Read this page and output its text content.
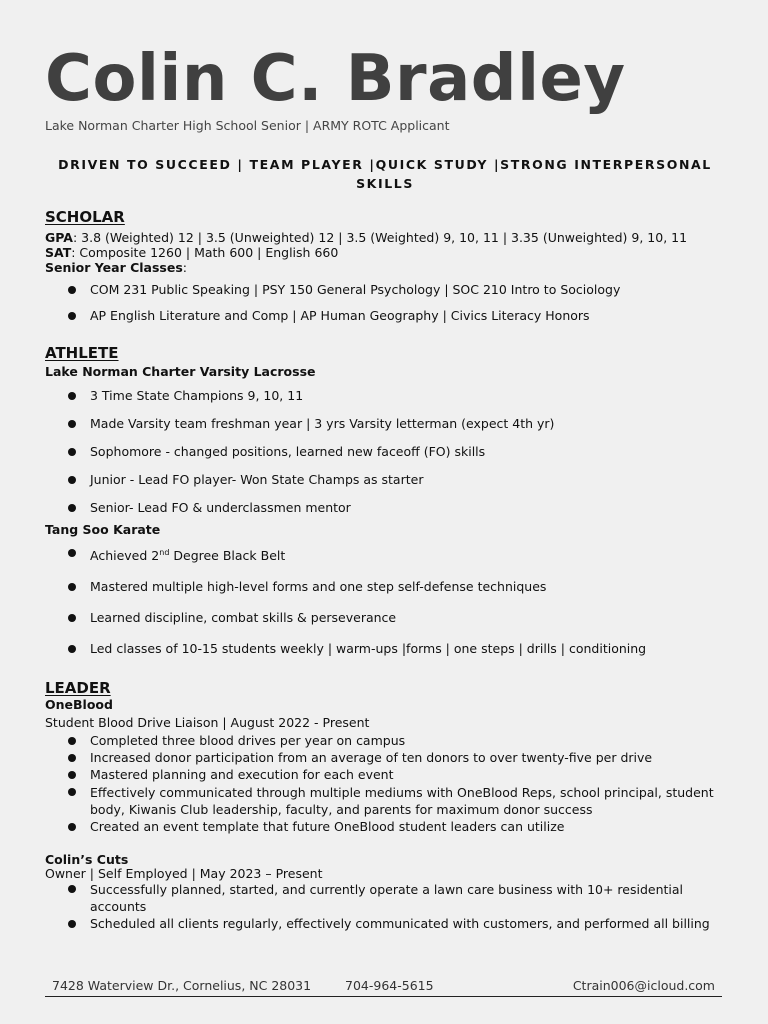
Colin C. Bradley
Lake Norman Charter High School Senior | ARMY ROTC Applicant
DRIVEN TO SUCCEED | TEAM PLAYER |QUICK STUDY |STRONG INTERPERSONAL SKILLS
SCHOLAR
GPA: 3.8 (Weighted) 12 | 3.5 (Unweighted) 12 | 3.5 (Weighted) 9, 10, 11 | 3.35 (Unweighted) 9, 10, 11
SAT: Composite 1260 | Math 600 | English 660
Senior Year Classes:
COM 231 Public Speaking | PSY 150 General Psychology | SOC 210 Intro to Sociology
AP English Literature and Comp | AP Human Geography | Civics Literacy Honors
ATHLETE
Lake Norman Charter Varsity Lacrosse
3 Time State Champions 9, 10, 11
Made Varsity team freshman year | 3 yrs Varsity letterman (expect 4th yr)
Sophomore - changed positions, learned new faceoff (FO) skills
Junior - Lead FO player- Won State Champs as starter
Senior- Lead FO & underclassmen mentor
Tang Soo Karate
Achieved 2nd Degree Black Belt
Mastered multiple high-level forms and one step self-defense techniques
Learned discipline, combat skills & perseverance
Led classes of 10-15 students weekly | warm-ups |forms | one steps | drills | conditioning
LEADER
OneBlood
Student Blood Drive Liaison | August 2022 - Present
Completed three blood drives per year on campus
Increased donor participation from an average of ten donors to over twenty-five per drive
Mastered planning and execution for each event
Effectively communicated through multiple mediums with OneBlood Reps, school principal, student body, Kiwanis Club leadership, faculty, and parents for maximum donor success
Created an event template that future OneBlood student leaders can utilize
Colin’s Cuts
Owner | Self Employed | May 2023 – Present
Successfully planned, started, and currently operate a lawn care business with 10+ residential accounts
Scheduled all clients regularly, effectively communicated with customers, and performed all billing
7428 Waterview Dr., Cornelius, NC 28031	704-964-5615	Ctrain006@icloud.com
